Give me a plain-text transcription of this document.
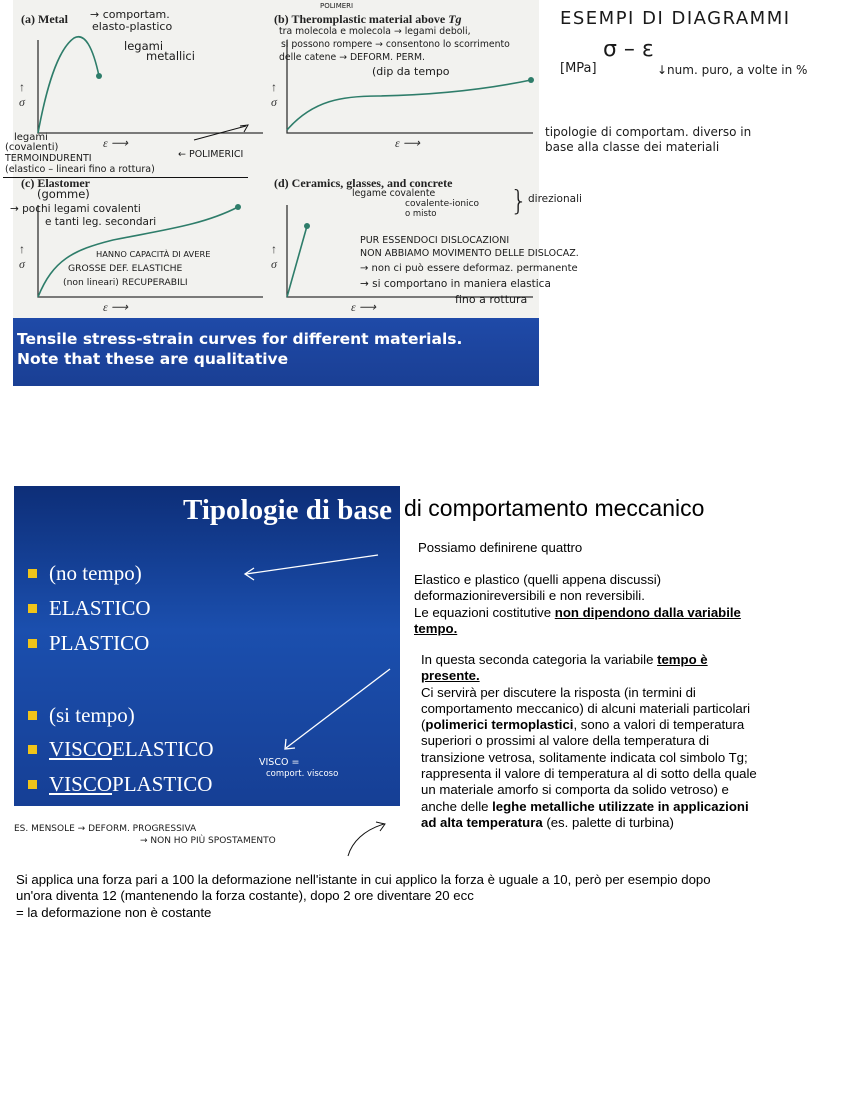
(a) Metal	(b) Theromplastic material above Tg
(c) Elastomer	(d) Ceramics, glasses, and concrete
↑
σ
ε ⟶
↑
σ
ε ⟶
↑
σ
ε ⟶
↑
σ
ε ⟶

Tensile stress-strain curves for different materials.

Note that these are qualitative

→ comportam.
elasto-plastico
legami
metallici
POLIMERI
tra molecola e molecola → legami deboli,
si possono rompere → consentono lo scorrimento
delle catene → DEFORM. PERM.
(dip da tempo
ESEMPI DI DIAGRAMMI
σ – ε
[MPa]	↓num. puro, a volte in %
tipologie di comportam. diverso in
base alla classe dei materiali
legami
(covalenti)
TERMOINDURENTI
(elastico – lineari fino a rottura)
← POLIMERICI
(gomme)
→ pochi legami covalenti
e tanti leg. secondari
HANNO CAPACITÀ DI AVERE
GROSSE DEF. ELASTICHE
(non lineari) RECUPERABILI
legame covalente
covalente-ionico
o misto	} direzionali
PUR ESSENDOCI DISLOCAZIONI
NON ABBIAMO MOVIMENTO DELLE DISLOCAZ.
→ non ci può essere deformaz. permanente
→ si comportano in maniera elastica
fino a rottura
Tipologie di base
(no tempo)
ELASTICO
PLASTICO
(si tempo)
VISCOELASTICO
VISCOPLASTICO
VISCO =
comport. viscoso
di comportamento meccanico
Possiamo definirene quattro
Elastico e plastico (quelli appena discussi)
deformazionireversibili e non reversibili.
Le equazioni costitutive non dipendono dalla variabile
tempo.
In questa seconda categoria la variabile tempo è
presente.
Ci servirà per discutere la risposta (in termini di
comportamento meccanico) di alcuni materiali particolari
(polimerici termoplastici, sono a valori di temperatura
superiori o prossimi al valore della temperatura di
transizione vetrosa, solitamente indicata col simbolo Tg;
rappresenta il valore di temperatura al di sotto della quale
un materiale amorfo si comporta da solido vetroso) e
anche delle leghe metalliche utilizzate in applicazioni
ad alta temperatura (es. palette di turbina)
ES. MENSOLE → DEFORM. PROGRESSIVA
→ NON HO PIÙ SPOSTAMENTO
Si applica una forza pari a 100 la deformazione nell'istante in cui applico la forza è uguale a 10, però per esempio dopo
un'ora diventa 12 (mantenendo la forza costante), dopo 2 ore diventare 20 ecc
= la deformazione non è costante
